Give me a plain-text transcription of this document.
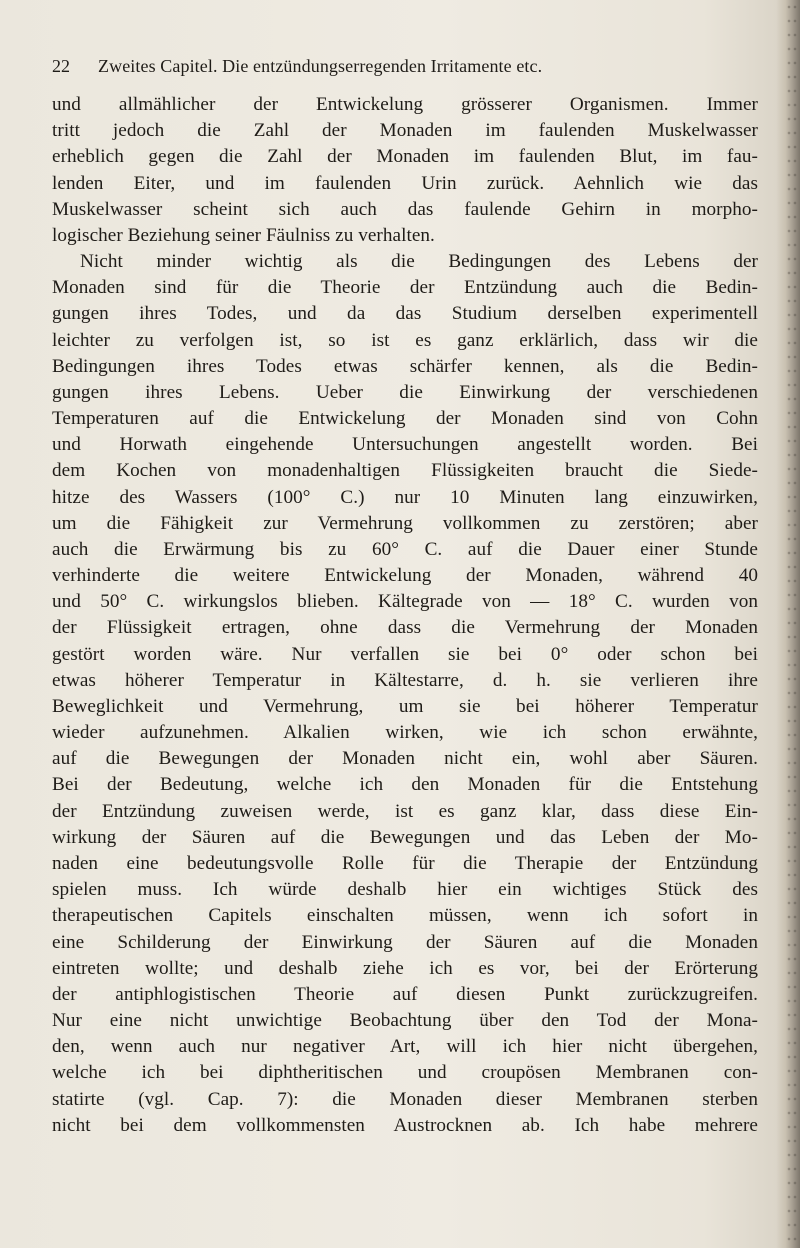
22 Zweites Capitel. Die entzündungserregenden Irritamente etc.
und allmählicher der Entwickelung grösserer Organismen. Immer
tritt jedoch die Zahl der Monaden im faulenden Muskelwasser
erheblich gegen die Zahl der Monaden im faulenden Blut, im fau-
lenden Eiter, und im faulenden Urin zurück. Aehnlich wie das
Muskelwasser scheint sich auch das faulende Gehirn in morpho-
logischer Beziehung seiner Fäulniss zu verhalten.
Nicht minder wichtig als die Bedingungen des Lebens der
Monaden sind für die Theorie der Entzündung auch die Bedin-
gungen ihres Todes, und da das Studium derselben experimentell
leichter zu verfolgen ist, so ist es ganz erklärlich, dass wir die
Bedingungen ihres Todes etwas schärfer kennen, als die Bedin-
gungen ihres Lebens. Ueber die Einwirkung der verschiedenen
Temperaturen auf die Entwickelung der Monaden sind von Cohn
und Horwath eingehende Untersuchungen angestellt worden. Bei
dem Kochen von monadenhaltigen Flüssigkeiten braucht die Siede-
hitze des Wassers (100° C.) nur 10 Minuten lang einzuwirken,
um die Fähigkeit zur Vermehrung vollkommen zu zerstören; aber
auch die Erwärmung bis zu 60° C. auf die Dauer einer Stunde
verhinderte die weitere Entwickelung der Monaden, während 40
und 50° C. wirkungslos blieben. Kältegrade von — 18° C. wurden von
der Flüssigkeit ertragen, ohne dass die Vermehrung der Monaden
gestört worden wäre. Nur verfallen sie bei 0° oder schon bei
etwas höherer Temperatur in Kältestarre, d. h. sie verlieren ihre
Beweglichkeit und Vermehrung, um sie bei höherer Temperatur
wieder aufzunehmen. Alkalien wirken, wie ich schon erwähnte,
auf die Bewegungen der Monaden nicht ein, wohl aber Säuren.
Bei der Bedeutung, welche ich den Monaden für die Entstehung
der Entzündung zuweisen werde, ist es ganz klar, dass diese Ein-
wirkung der Säuren auf die Bewegungen und das Leben der Mo-
naden eine bedeutungsvolle Rolle für die Therapie der Entzündung
spielen muss. Ich würde deshalb hier ein wichtiges Stück des
therapeutischen Capitels einschalten müssen, wenn ich sofort in
eine Schilderung der Einwirkung der Säuren auf die Monaden
eintreten wollte; und deshalb ziehe ich es vor, bei der Erörterung
der antiphlogistischen Theorie auf diesen Punkt zurückzugreifen.
Nur eine nicht unwichtige Beobachtung über den Tod der Mona-
den, wenn auch nur negativer Art, will ich hier nicht übergehen,
welche ich bei diphtheritischen und croupösen Membranen con-
statirte (vgl. Cap. 7): die Monaden dieser Membranen sterben
nicht bei dem vollkommensten Austrocknen ab. Ich habe mehrere
